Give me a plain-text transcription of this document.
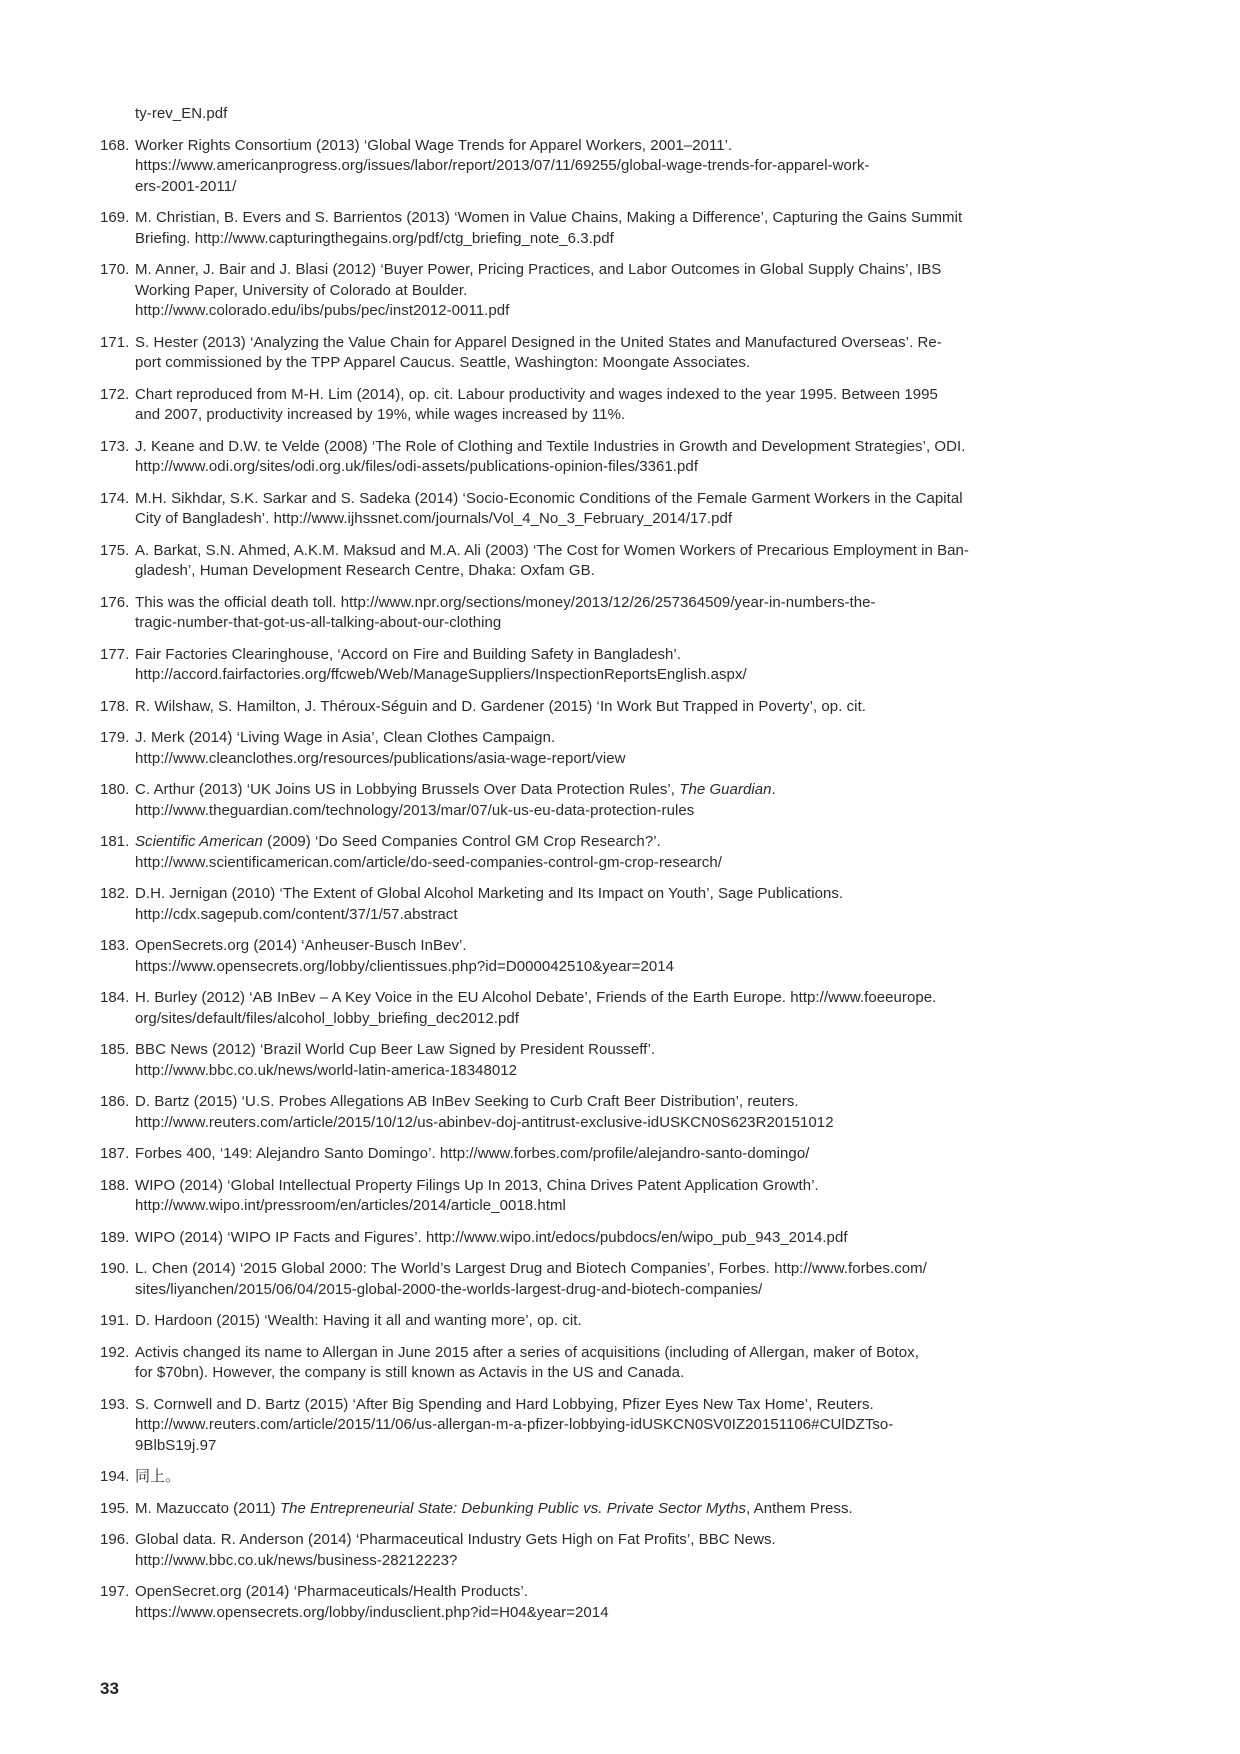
ty-rev_EN.pdf
168. Worker Rights Consortium (2013) ‘Global Wage Trends for Apparel Workers, 2001–2011’.
https://www.americanprogress.org/issues/labor/report/2013/07/11/69255/global-wage-trends-for-apparel-work-
ers-2001-2011/
169. M. Christian, B. Evers and S. Barrientos (2013) ‘Women in Value Chains, Making a Difference’, Capturing the Gains Summit
Briefing. http://www.capturingthegains.org/pdf/ctg_briefing_note_6.3.pdf
170. M. Anner, J. Bair and J. Blasi (2012) ‘Buyer Power, Pricing Practices, and Labor Outcomes in Global Supply Chains’, IBS
Working Paper, University of Colorado at Boulder.
http://www.colorado.edu/ibs/pubs/pec/inst2012-0011.pdf
171. S. Hester (2013) ‘Analyzing the Value Chain for Apparel Designed in the United States and Manufactured Overseas’. Re-
port commissioned by the TPP Apparel Caucus. Seattle, Washington: Moongate Associates.
172. Chart reproduced from M-H. Lim (2014), op. cit. Labour productivity and wages indexed to the year 1995. Between 1995
and 2007, productivity increased by 19%, while wages increased by 11%.
173. J. Keane and D.W. te Velde (2008) ‘The Role of Clothing and Textile Industries in Growth and Development Strategies’, ODI.
http://www.odi.org/sites/odi.org.uk/files/odi-assets/publications-opinion-files/3361.pdf
174. M.H. Sikhdar, S.K. Sarkar and S. Sadeka (2014) ‘Socio-Economic Conditions of the Female Garment Workers in the Capital
City of Bangladesh’. http://www.ijhssnet.com/journals/Vol_4_No_3_February_2014/17.pdf
175. A. Barkat, S.N. Ahmed, A.K.M. Maksud and M.A. Ali (2003) ‘The Cost for Women Workers of Precarious Employment in Ban-
gladesh’, Human Development Research Centre, Dhaka: Oxfam GB.
176. This was the official death toll. http://www.npr.org/sections/money/2013/12/26/257364509/year-in-numbers-the-
tragic-number-that-got-us-all-talking-about-our-clothing
177. Fair Factories Clearinghouse, ‘Accord on Fire and Building Safety in Bangladesh’.
http://accord.fairfactories.org/ffcweb/Web/ManageSuppliers/InspectionReportsEnglish.aspx/
178. R. Wilshaw, S. Hamilton, J. Théroux-Séguin and D. Gardener (2015) ‘In Work But Trapped in Poverty’, op. cit.
179. J. Merk (2014) ‘Living Wage in Asia’, Clean Clothes Campaign.
http://www.cleanclothes.org/resources/publications/asia-wage-report/view
180. C. Arthur (2013) ‘UK Joins US in Lobbying Brussels Over Data Protection Rules’, The Guardian.
http://www.theguardian.com/technology/2013/mar/07/uk-us-eu-data-protection-rules
181. Scientific American (2009) ‘Do Seed Companies Control GM Crop Research?’.
http://www.scientificamerican.com/article/do-seed-companies-control-gm-crop-research/
182. D.H. Jernigan (2010) ‘The Extent of Global Alcohol Marketing and Its Impact on Youth’, Sage Publications.
http://cdx.sagepub.com/content/37/1/57.abstract
183. OpenSecrets.org (2014) ‘Anheuser-Busch InBev’.
https://www.opensecrets.org/lobby/clientissues.php?id=D000042510&year=2014
184. H. Burley (2012) ‘AB InBev – A Key Voice in the EU Alcohol Debate’, Friends of the Earth Europe. http://www.foeeurope.
org/sites/default/files/alcohol_lobby_briefing_dec2012.pdf
185. BBC News (2012) ‘Brazil World Cup Beer Law Signed by President Rousseff’.
http://www.bbc.co.uk/news/world-latin-america-18348012
186. D. Bartz (2015) ‘U.S. Probes Allegations AB InBev Seeking to Curb Craft Beer Distribution’, reuters.
http://www.reuters.com/article/2015/10/12/us-abinbev-doj-antitrust-exclusive-idUSKCN0S623R20151012
187. Forbes 400, ‘149: Alejandro Santo Domingo’. http://www.forbes.com/profile/alejandro-santo-domingo/
188. WIPO (2014) ‘Global Intellectual Property Filings Up In 2013, China Drives Patent Application Growth’.
http://www.wipo.int/pressroom/en/articles/2014/article_0018.html
189. WIPO (2014) ‘WIPO IP Facts and Figures’. http://www.wipo.int/edocs/pubdocs/en/wipo_pub_943_2014.pdf
190. L. Chen (2014) ‘2015 Global 2000: The World’s Largest Drug and Biotech Companies’, Forbes. http://www.forbes.com/
sites/liyanchen/2015/06/04/2015-global-2000-the-worlds-largest-drug-and-biotech-companies/
191. D. Hardoon (2015) ‘Wealth: Having it all and wanting more’, op. cit.
192. Activis changed its name to Allergan in June 2015 after a series of acquisitions (including of Allergan, maker of Botox,
for $70bn). However, the company is still known as Actavis in the US and Canada.
193. S. Cornwell and D. Bartz (2015) ‘After Big Spending and Hard Lobbying, Pfizer Eyes New Tax Home’, Reuters.
http://www.reuters.com/article/2015/11/06/us-allergan-m-a-pfizer-lobbying-idUSKCN0SV0IZ20151106#CUlDZTso-
9BlbS19j.97
194. 同上。
195. M. Mazuccato (2011) The Entrepreneurial State: Debunking Public vs. Private Sector Myths, Anthem Press.
196. Global data. R. Anderson (2014) ‘Pharmaceutical Industry Gets High on Fat Profits’, BBC News.
http://www.bbc.co.uk/news/business-28212223?
197. OpenSecret.org (2014) ‘Pharmaceuticals/Health Products’.
https://www.opensecrets.org/lobby/indusclient.php?id=H04&year=2014
33
